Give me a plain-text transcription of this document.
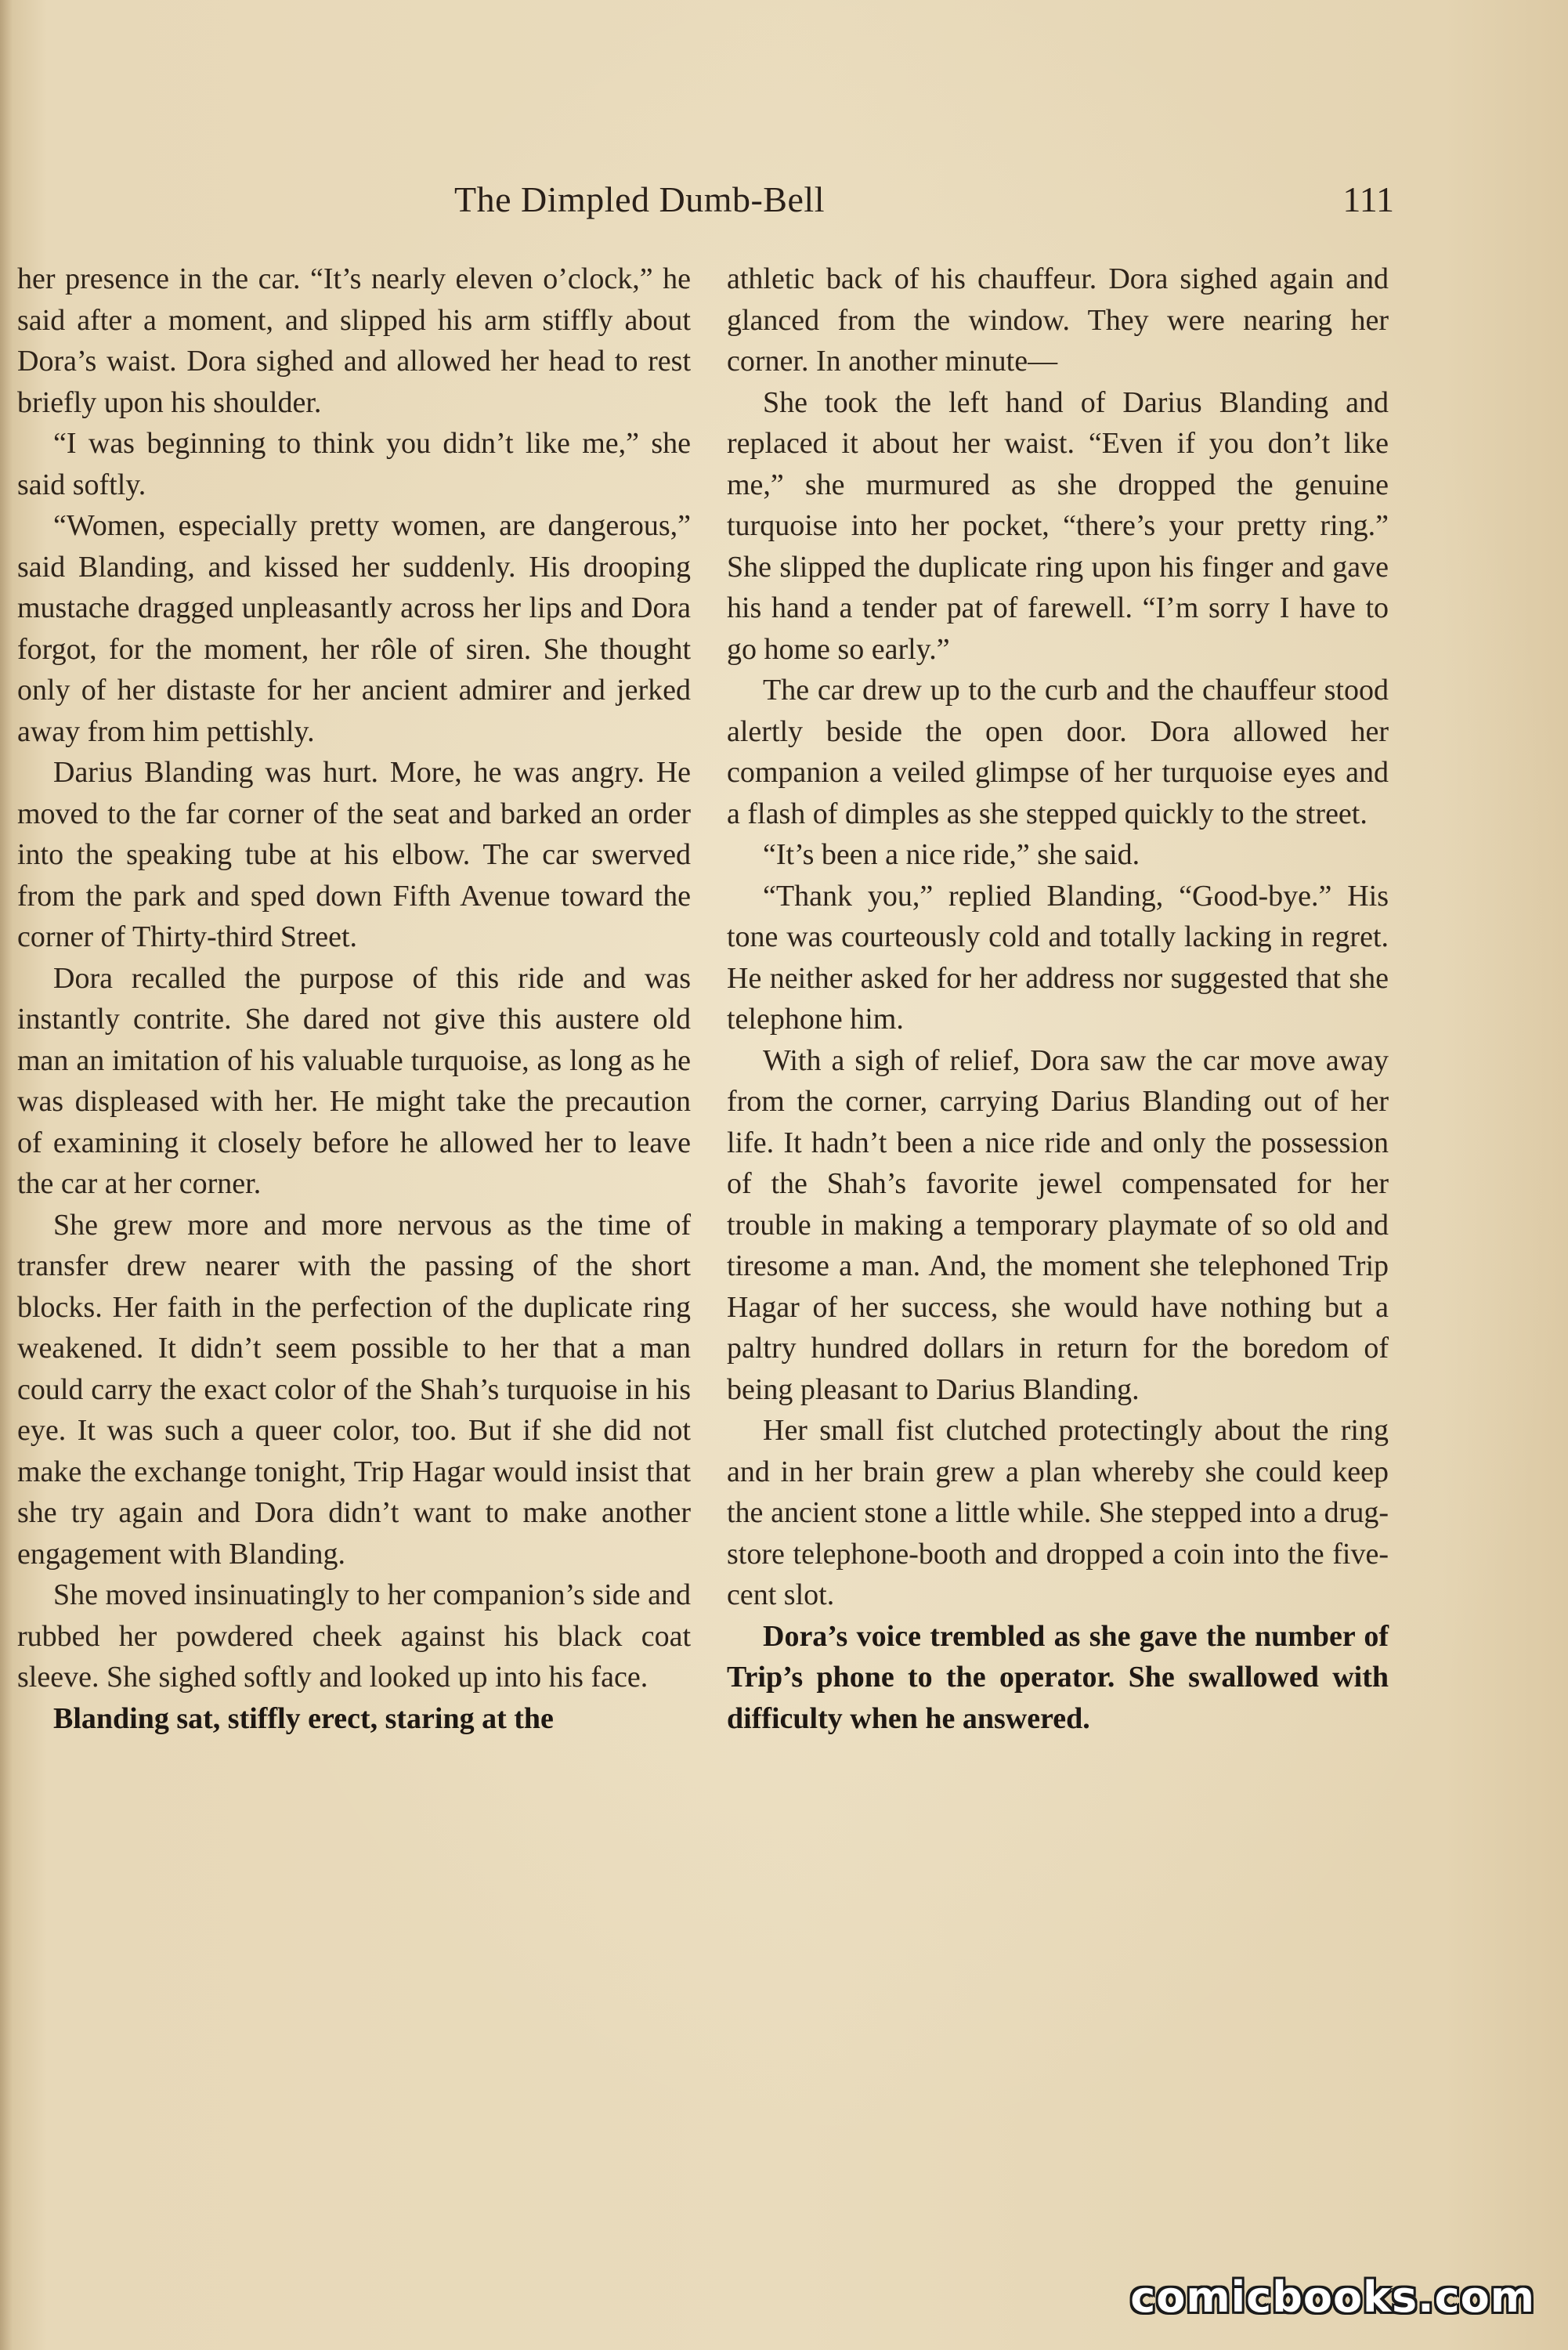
The Dimpled Dumb-Bell	111

her presence in the car. “It’s nearly eleven o’clock,” he said after a moment, and slipped his arm stiffly about Dora’s waist. Dora sighed and allowed her head to rest briefly upon his shoulder.

“I was beginning to think you didn’t like me,” she said softly.

“Women, especially pretty women, are dangerous,” said Blanding, and kissed her suddenly. His drooping mustache dragged unpleasantly across her lips and Dora forgot, for the moment, her rôle of siren. She thought only of her distaste for her ancient admirer and jerked away from him pettishly.

Darius Blanding was hurt. More, he was angry. He moved to the far corner of the seat and barked an order into the speaking tube at his elbow. The car swerved from the park and sped down Fifth Avenue toward the corner of Thirty-third Street.

Dora recalled the purpose of this ride and was instantly contrite. She dared not give this austere old man an imitation of his valuable turquoise, as long as he was displeased with her. He might take the precaution of examining it closely before he allowed her to leave the car at her corner.

She grew more and more nervous as the time of transfer drew nearer with the passing of the short blocks. Her faith in the perfection of the duplicate ring weakened. It didn’t seem possible to her that a man could carry the exact color of the Shah’s turquoise in his eye. It was such a queer color, too. But if she did not make the exchange tonight, Trip Hagar would insist that she try again and Dora didn’t want to make another engagement with Blanding.

She moved insinuatingly to her companion’s side and rubbed her powdered cheek against his black coat sleeve. She sighed softly and looked up into his face.

Blanding sat, stiffly erect, staring at the

athletic back of his chauffeur. Dora sighed again and glanced from the window. They were nearing her corner. In another minute—

She took the left hand of Darius Blanding and replaced it about her waist. “Even if you don’t like me,” she murmured as she dropped the genuine turquoise into her pocket, “there’s your pretty ring.” She slipped the duplicate ring upon his finger and gave his hand a tender pat of farewell. “I’m sorry I have to go home so early.”

The car drew up to the curb and the chauffeur stood alertly beside the open door. Dora allowed her companion a veiled glimpse of her turquoise eyes and a flash of dimples as she stepped quickly to the street.

“It’s been a nice ride,” she said.

“Thank you,” replied Blanding, “Good-bye.” His tone was courteously cold and totally lacking in regret. He neither asked for her address nor suggested that she telephone him.

With a sigh of relief, Dora saw the car move away from the corner, carrying Darius Blanding out of her life. It hadn’t been a nice ride and only the possession of the Shah’s favorite jewel compensated for her trouble in making a temporary playmate of so old and tiresome a man. And, the moment she telephoned Trip Hagar of her success, she would have nothing but a paltry hundred dollars in return for the boredom of being pleasant to Darius Blanding.

Her small fist clutched protectingly about the ring and in her brain grew a plan whereby she could keep the ancient stone a little while. She stepped into a drug-store telephone-booth and dropped a coin into the five-cent slot.

Dora’s voice trembled as she gave the number of Trip’s phone to the operator. She swallowed with difficulty when he answered.

comicbooks.com
